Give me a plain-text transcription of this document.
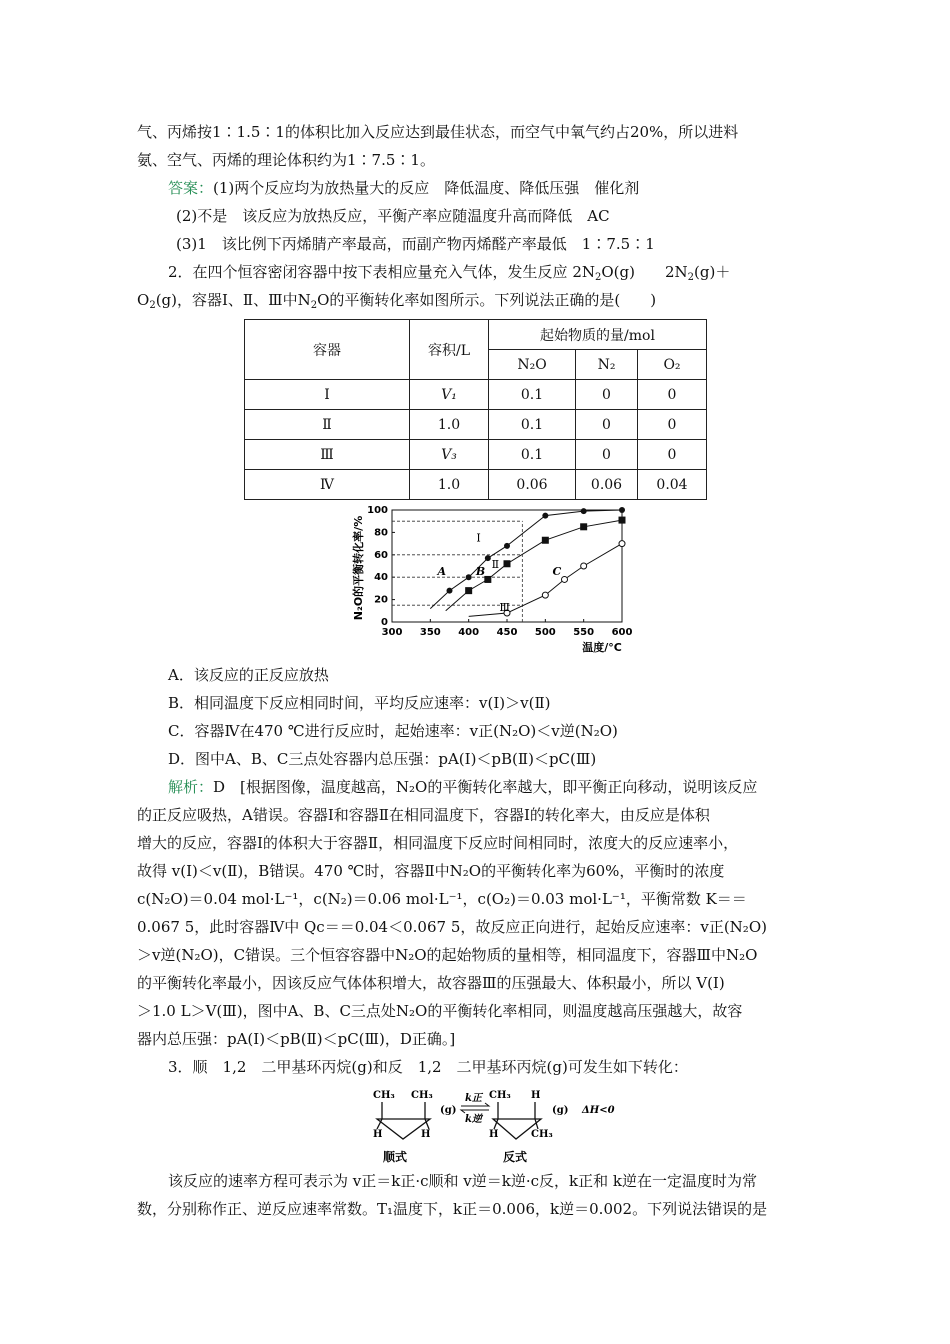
气、丙烯按1∶1.5∶1的体积比加入反应达到最佳状态，而空气中氧气约占20%，所以进料
氨、空气、丙烯的理论体积约为1∶7.5∶1。
答案：(1)两个反应均为放热量大的反应　降低温度、降低压强　催化剂
(2)不是　该反应为放热反应，平衡产率应随温度升高而降低　AC
(3)1　该比例下丙烯腈产率最高，而副产物丙烯醛产率最低　1∶7.5∶1
2．在四个恒容密闭容器中按下表相应量充入气体，发生反应 $2N_2O(g)$　　$2N_2(g)+$
$O_2(g)$，容器Ⅰ、Ⅱ、Ⅲ中$N_2O$的平衡转化率如图所示。下列说法正确的是(　　)
容器	容积/L	起始物质的量/mol		
		N₂O	N₂	O₂
Ⅰ	V₁	0.1	0	0
Ⅱ	1.0	0.1	0	0
Ⅲ	V₃	0.1	0	0
Ⅳ	1.0	0.06	0.06	0.04
N₂O的平衡转化率/%
温度/°C
300 350 400 450 500 550 600
0
20
40
60
80
100
Ⅰ
Ⅱ
Ⅲ
A	B	C
A．该反应的正反应放热
B．相同温度下反应相同时间，平均反应速率：v(Ⅰ)＞v(Ⅱ)
C．容器Ⅳ在470 ℃进行反应时，起始速率：v正(N₂O)＜v逆(N₂O)
D．图中A、B、C三点处容器内总压强：pA(Ⅰ)＜pB(Ⅱ)＜pC(Ⅲ)
解析：D　[根据图像，温度越高，N₂O的平衡转化率越大，即平衡正向移动，说明该反应
的正反应吸热，A错误。容器Ⅰ和容器Ⅱ在相同温度下，容器Ⅰ的转化率大，由反应是体积
增大的反应，容器Ⅰ的体积大于容器Ⅱ，相同温度下反应时间相同时，浓度大的反应速率小，
故得 v(Ⅰ)＜v(Ⅱ)，B错误。470 ℃时，容器Ⅱ中N₂O的平衡转化率为60%，平衡时的浓度
c(N₂O)＝0.04 mol·L⁻¹，c(N₂)＝0.06 mol·L⁻¹，c(O₂)＝0.03 mol·L⁻¹，平衡常数 K＝＝
0.067 5，此时容器Ⅳ中 Qc＝＝0.04＜0.067 5，故反应正向进行，起始反应速率：v正(N₂O)
＞v逆(N₂O)，C错误。三个恒容容器中N₂O的起始物质的量相等，相同温度下，容器Ⅲ中N₂O
的平衡转化率最小，因该反应气体体积增大，故容器Ⅲ的压强最大、体积最小，所以 V(Ⅰ)
＞1.0 L＞V(Ⅲ)，图中A、B、C三点处N₂O的平衡转化率相同，则温度越高压强越大，故容
器内总压强：pA(Ⅰ)＜pB(Ⅱ)＜pC(Ⅲ)，D正确。]
3．顺　1,2　二甲基环丙烷(g)和反　1,2　二甲基环丙烷(g)可发生如下转化：
CH₃ CH₃
H	H
顺式
(g)
k正
k逆
CH₃ H
H	CH₃
反式
(g) ΔH<0
该反应的速率方程可表示为 v正＝k正·c顺和 v逆＝k逆·c反，k正和 k逆在一定温度时为常
数，分别称作正、逆反应速率常数。T₁温度下，k正＝0.006，k逆＝0.002。下列说法错误的是
